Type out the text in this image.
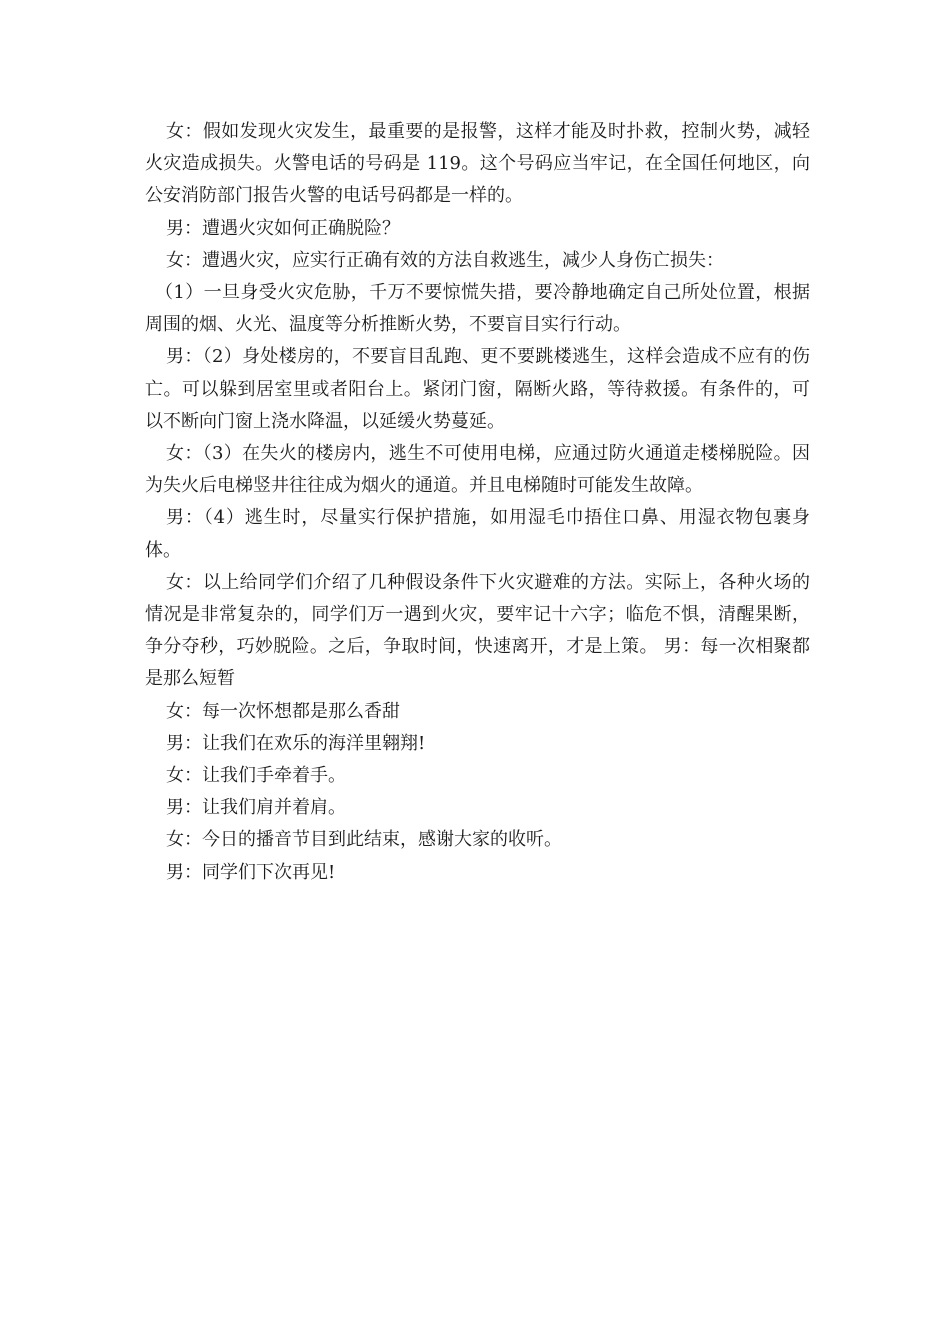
女：假如发现火灾发生，最重要的是报警，这样才能及时扑救，控制火势，减轻火灾造成损失。火警电话的号码是 119。这个号码应当牢记，在全国任何地区，向公安消防部门报告火警的电话号码都是一样的。

男：遭遇火灾如何正确脱险？

女：遭遇火灾，应实行正确有效的方法自救逃生，减少人身伤亡损失：

（1）一旦身受火灾危胁，千万不要惊慌失措，要冷静地确定自己所处位置，根据周围的烟、火光、温度等分析推断火势，不要盲目实行行动。

男：（2）身处楼房的，不要盲目乱跑、更不要跳楼逃生，这样会造成不应有的伤亡。可以躲到居室里或者阳台上。紧闭门窗，隔断火路，等待救援。有条件的，可以不断向门窗上浇水降温，以延缓火势蔓延。

女：（3）在失火的楼房内，逃生不可使用电梯，应通过防火通道走楼梯脱险。因为失火后电梯竖井往往成为烟火的通道。并且电梯随时可能发生故障。

男：（4）逃生时，尽量实行保护措施，如用湿毛巾捂住口鼻、用湿衣物包裹身体。

女：以上给同学们介绍了几种假设条件下火灾避难的方法。实际上，各种火场的情况是非常复杂的，同学们万一遇到火灾，要牢记十六字；临危不惧，清醒果断，争分夺秒，巧妙脱险。之后，争取时间，快速离开，才是上策。 男：每一次相聚都是那么短暂

女：每一次怀想都是那么香甜

男：让我们在欢乐的海洋里翱翔!

女：让我们手牵着手。

男：让我们肩并着肩。

女：今日的播音节目到此结束，感谢大家的收听。

男：同学们下次再见!
